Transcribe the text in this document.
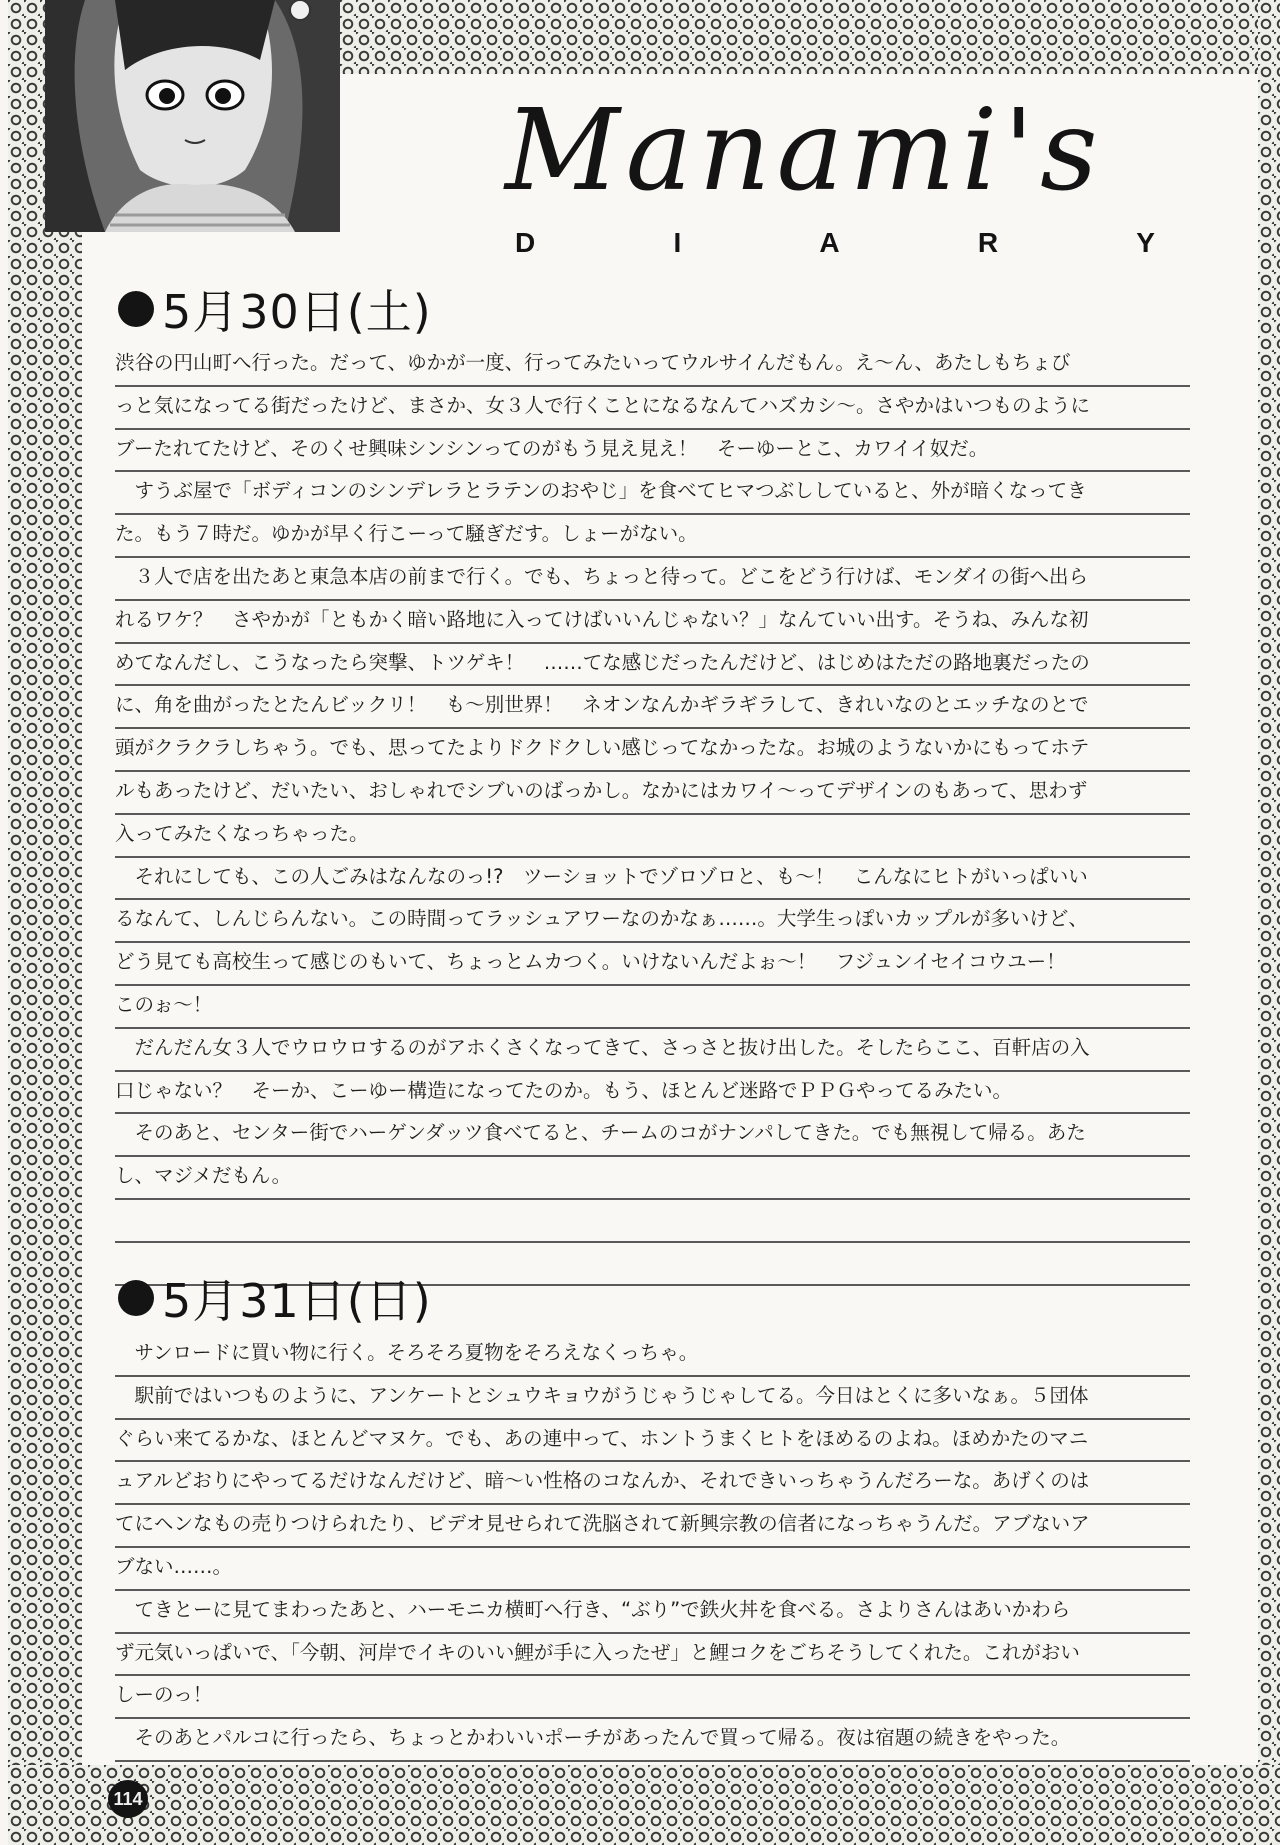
Manami's
D	I	A	R	Y
5月30日(土)
渋谷の円山町へ行った。だって、ゆかが一度、行ってみたいってウルサイんだもん。え～ん、あたしもちょび
っと気になってる街だったけど、まさか、女３人で行くことになるなんてハズカシ～。さやかはいつものように
ブーたれてたけど、そのくせ興味シンシンってのがもう見え見え！　そーゆーとこ、カワイイ奴だ。
　すうぶ屋で「ボディコンのシンデレラとラテンのおやじ」を食べてヒマつぶししていると、外が暗くなってき
た。もう７時だ。ゆかが早く行こーって騒ぎだす。しょーがない。
　３人で店を出たあと東急本店の前まで行く。でも、ちょっと待って。どこをどう行けば、モンダイの街へ出ら
れるワケ？　さやかが「ともかく暗い路地に入ってけばいいんじゃない？」なんていい出す。そうね、みんな初
めてなんだし、こうなったら突撃、トツゲキ！　……てな感じだったんだけど、はじめはただの路地裏だったの
に、角を曲がったとたんビックリ！　も～別世界！　ネオンなんかギラギラして、きれいなのとエッチなのとで
頭がクラクラしちゃう。でも、思ってたよりドクドクしい感じってなかったな。お城のようないかにもってホテ
ルもあったけど、だいたい、おしゃれでシブいのばっかし。なかにはカワイ～ってデザインのもあって、思わず
入ってみたくなっちゃった。
　それにしても、この人ごみはなんなのっ!?　ツーショットでゾロゾロと、も～！　こんなにヒトがいっぱいい
るなんて、しんじらんない。この時間ってラッシュアワーなのかなぁ……。大学生っぽいカップルが多いけど、
どう見ても高校生って感じのもいて、ちょっとムカつく。いけないんだよぉ～！　フジュンイセイコウユー！
このぉ～！
　だんだん女３人でウロウロするのがアホくさくなってきて、さっさと抜け出した。そしたらここ、百軒店の入
口じゃない？　そーか、こーゆー構造になってたのか。もう、ほとんど迷路でＰＰＧやってるみたい。
　そのあと、センター街でハーゲンダッツ食べてると、チームのコがナンパしてきた。でも無視して帰る。あた
し、マジメだもん。
5月31日(日)
　サンロードに買い物に行く。そろそろ夏物をそろえなくっちゃ。
　駅前ではいつものように、アンケートとシュウキョウがうじゃうじゃしてる。今日はとくに多いなぁ。５団体
ぐらい来てるかな、ほとんどマヌケ。でも、あの連中って、ホントうまくヒトをほめるのよね。ほめかたのマニ
ュアルどおりにやってるだけなんだけど、暗～い性格のコなんか、それできいっちゃうんだろーな。あげくのは
てにヘンなもの売りつけられたり、ビデオ見せられて洗脳されて新興宗教の信者になっちゃうんだ。アブないア
ブない……。
　てきとーに見てまわったあと、ハーモニカ横町へ行き、“ぶり”で鉄火丼を食べる。さよりさんはあいかわら
ず元気いっぱいで、「今朝、河岸でイキのいい鯉が手に入ったぜ」と鯉コクをごちそうしてくれた。これがおい
しーのっ！
　そのあとパルコに行ったら、ちょっとかわいいポーチがあったんで買って帰る。夜は宿題の続きをやった。
114
